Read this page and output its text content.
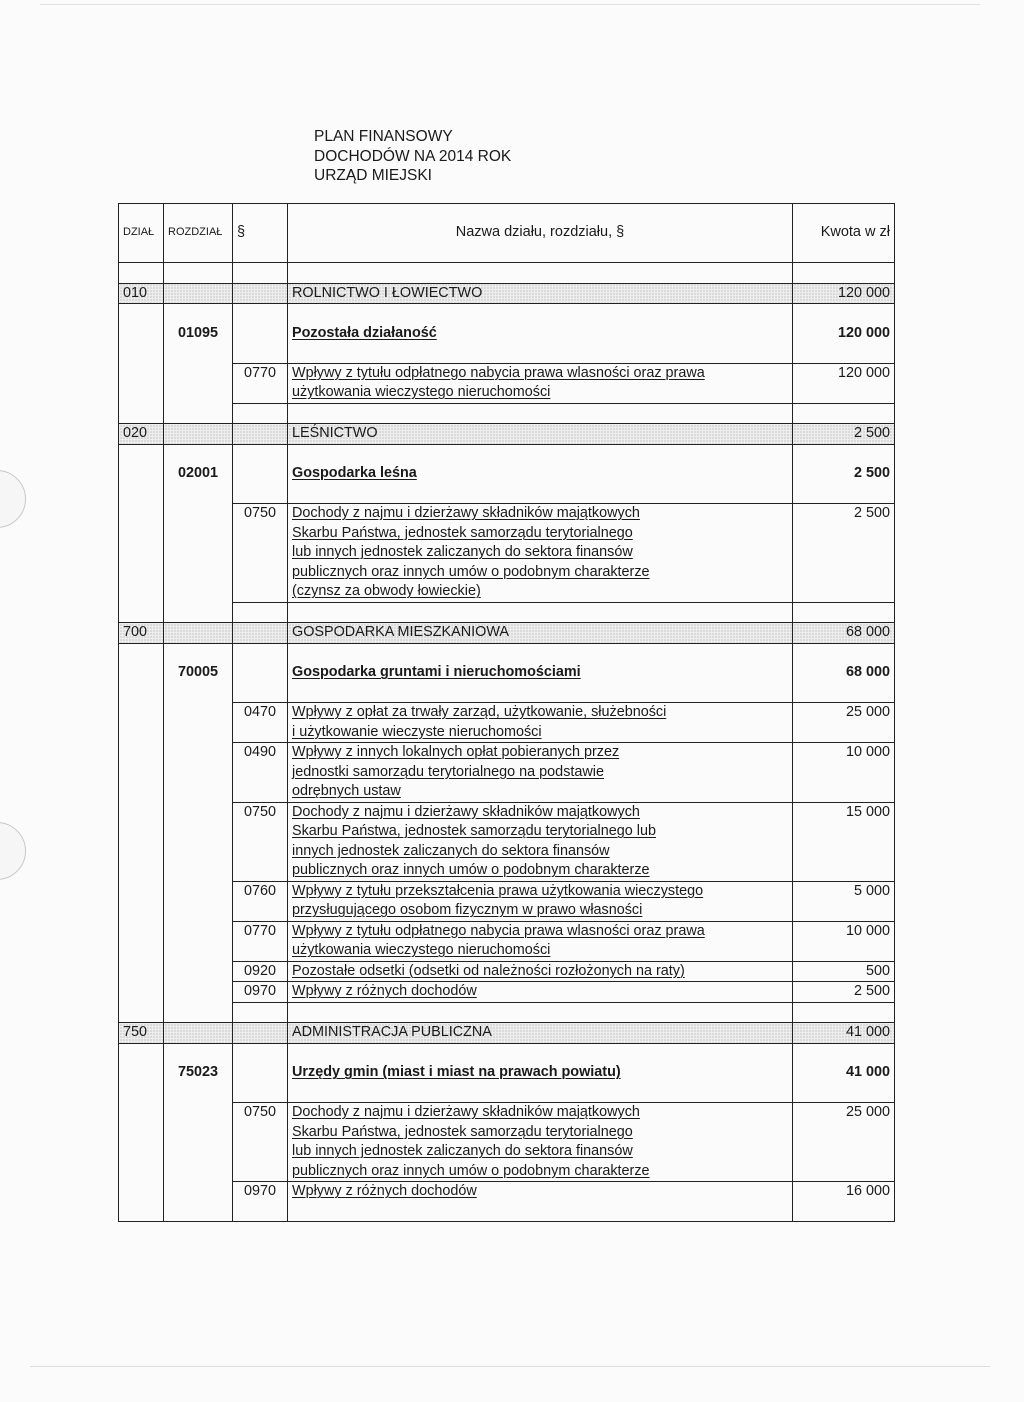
PLAN FINANSOWY
DOCHODÓW NA 2014 ROK
URZĄD MIEJSKI
DZIAŁ	ROZDZIAŁ	§	Nazwa działu, rozdziału, §	Kwota w zł

010			ROLNICTWO I ŁOWIECTWO	120 000

	01095		Pozostała działaność	120 000

		0770	Wpływy z tytułu odpłatnego nabycia prawa wlasności oraz prawa	120 000
			użytkowania wieczystego nieruchomości	

020			LEŚNICTWO	2 500

	02001		Gospodarka leśna	2 500

		0750	Dochody z najmu i dzierżawy składników majątkowych	2 500
			Skarbu Państwa, jednostek samorządu terytorialnego	
			lub innych jednostek zaliczanych do sektora finansów	
			publicznych oraz innych umów o podobnym charakterze	
			(czynsz za obwody łowieckie)	

700			GOSPODARKA MIESZKANIOWA	68 000

	70005		Gospodarka gruntami i nieruchomościami	68 000

		0470	Wpływy z opłat za trwały zarząd, użytkowanie, służebności	25 000
			i użytkowanie wieczyste nieruchomości	
		0490	Wpływy z innych lokalnych opłat pobieranych przez	10 000
			jednostki samorządu terytorialnego na podstawie	
			odrębnych ustaw	
		0750	Dochody z najmu i dzierżawy składników majątkowych	15 000
			Skarbu Państwa, jednostek samorządu terytorialnego lub	
			innych jednostek zaliczanych do sektora finansów	
			publicznych oraz innych umów o podobnym charakterze	
		0760	Wpływy z tytułu przekształcenia prawa użytkowania wieczystego	5 000
			przysługującego osobom fizycznym w prawo własności	
		0770	Wpływy z tytułu odpłatnego nabycia prawa wlasności oraz prawa	10 000
			użytkowania wieczystego nieruchomości	
		0920	Pozostałe odsetki (odsetki od należności rozłożonych na raty)	500
		0970	Wpływy z różnych dochodów	2 500

750			ADMINISTRACJA PUBLICZNA	41 000

	75023		Urzędy gmin (miast i miast na prawach powiatu)	41 000

		0750	Dochody z najmu i dzierżawy składników majątkowych	25 000
			Skarbu Państwa, jednostek samorządu terytorialnego	
			lub innych jednostek zaliczanych do sektora finansów	
			publicznych oraz innych umów o podobnym charakterze	
		0970	Wpływy z różnych dochodów	16 000
